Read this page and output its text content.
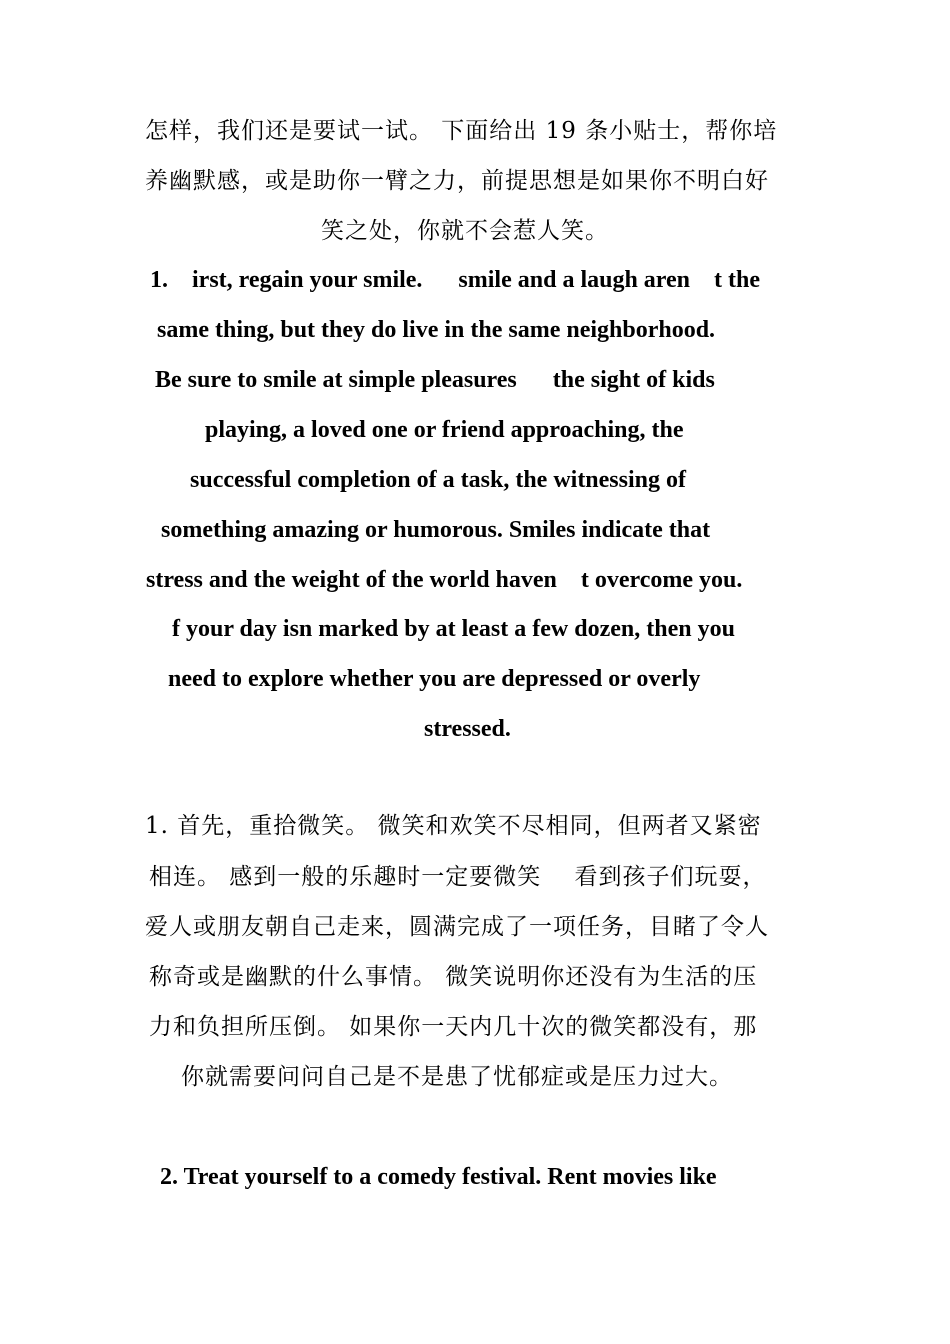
怎样，我们还是要试一试。 下面给出 19 条小贴士，帮你培
养幽默感，或是助你一臂之力，前提思想是如果你不明白好
笑之处，你就不会惹人笑。
1.    irst, regain your smile.      smile and a laugh aren    t the
same thing, but they do live in the same neighborhood.
Be sure to smile at simple pleasures      the sight of kids
playing, a loved one or friend approaching, the
successful completion of a task, the witnessing of
something amazing or humorous. Smiles indicate that
stress and the weight of the world haven    t overcome you.
f your day isn marked by at least a few dozen, then you
need to explore whether you are depressed or overly
stressed.
1. 首先，重拾微笑。 微笑和欢笑不尽相同，但两者又紧密
相连。 感到一般的乐趣时一定要微笑    看到孩子们玩耍，
爱人或朋友朝自己走来，圆满完成了一项任务，目睹了令人
称奇或是幽默的什么事情。 微笑说明你还没有为生活的压
力和负担所压倒。 如果你一天内几十次的微笑都没有，那
你就需要问问自己是不是患了忧郁症或是压力过大。
2. Treat yourself to a comedy festival. Rent movies like
